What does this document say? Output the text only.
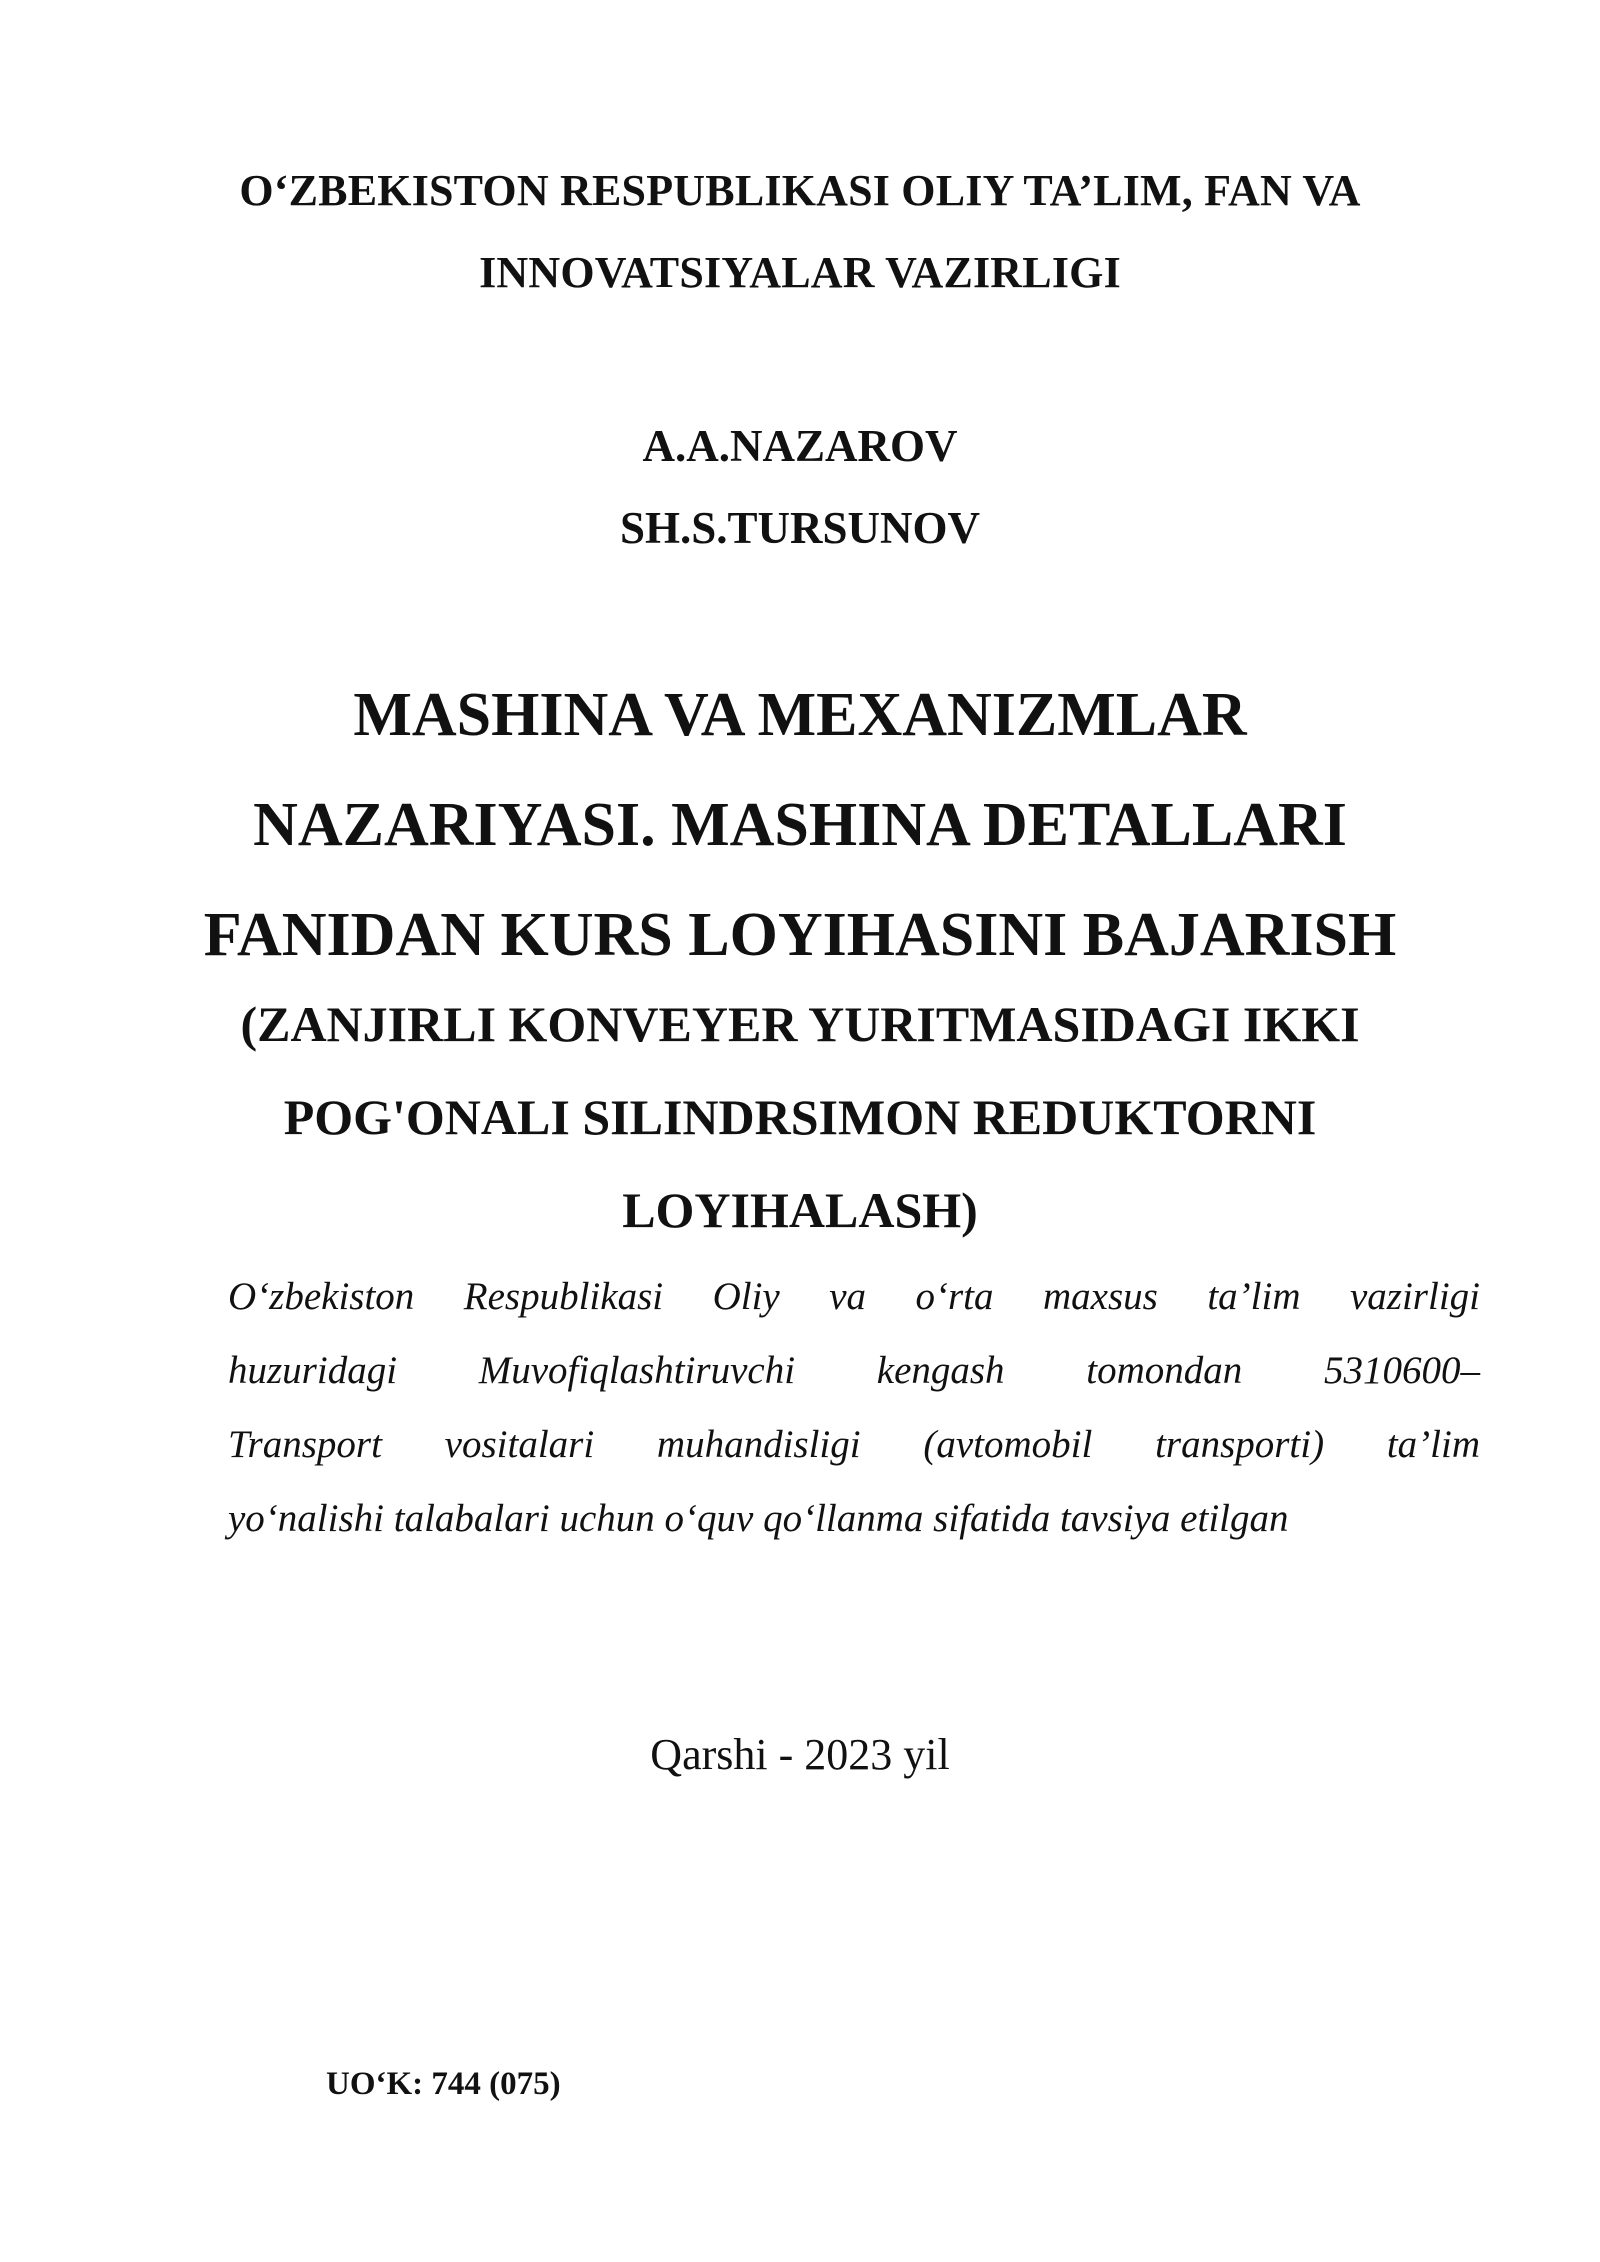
O‘ZBEKISTON RESPUBLIKASI OLIY TA’LIM, FAN VA
INNOVATSIYALAR VAZIRLIGI
A.A.NAZAROV
SH.S.TURSUNOV
MASHINA VA MEXANIZMLAR
NAZARIYASI. MASHINA DETALLARI
FANIDAN KURS LOYIHASINI BAJARISH
(ZANJIRLI KONVEYER YURITMASIDAGI IKKI
POG'ONALI SILINDRSIMON REDUKTORNI
LOYIHALASH)
O‘zbekiston Respublikasi Oliy va o‘rta maxsus ta’lim vazirligi
huzuridagi Muvofiqlashtiruvchi kengash tomondan 5310600–
Transport vositalari muhandisligi (avtomobil transporti) ta’lim
yo‘nalishi talabalari uchun o‘quv qo‘llanma sifatida tavsiya etilgan
Qarshi - 2023 yil
UO‘K: 744 (075)
